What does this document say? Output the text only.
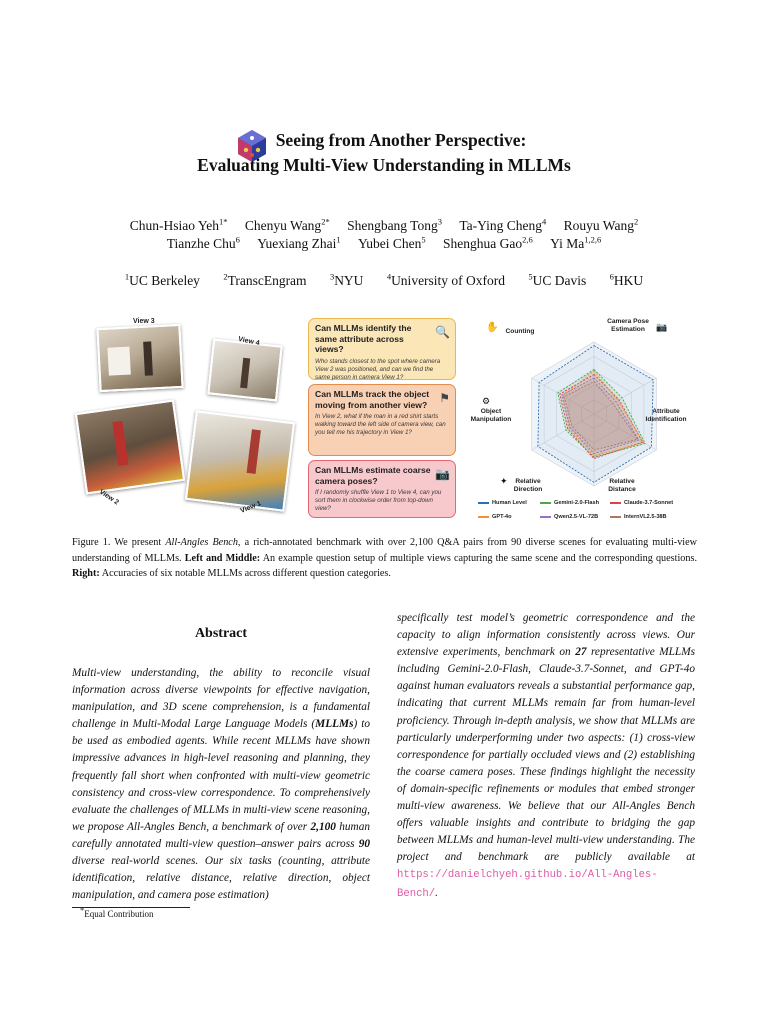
Seeing from Another Perspective:
Evaluating Multi-View Understanding in MLLMs
Chun-Hsiao Yeh$^{1*}$ Chenyu Wang$^{2*}$ Shengbang Tong$^3$ Ta-Ying Cheng$^4$ Rouyu Wang$^2$
Tianzhe Chu$^6$ Yuexiang Zhai$^1$ Yubei Chen$^5$ Shenghua Gao$^{2,6}$ Yi Ma$^{1,2,6}$
$^1$UC Berkeley	$^2$TranscEngram	$^3$NYU	$^4$University of Oxford	$^5$UC Davis	$^6$HKU
View 3
View 4
View 2
View 1
Can MLLMs identify the same attribute across views?
Who stands closest to the spot where camera View 2 was positioned, and can we find the same person in camera View 1?
🔍
Can MLLMs track the object moving from another view?
In View 2, what if the man in a red shirt starts walking toward the left side of camera view, can you tell me his trajectory in View 1?
⚑
Can MLLMs estimate coarse camera poses?
If I randomly shuffle View 1 to View 4, can you sort them in clockwise order from top-down view?
📷
Counting
✋
Camera Pose Estimation	📷
Attribute Identification
Relative Distance
Relative Direction
✦
Object Manipulation
⚙
Human Level	Gemini-2.0-Flash	Claude-3.7-Sonnet
GPT-4o	Qwen2.5-VL-72B	InternVL2.5-38B
Figure 1. We present All-Angles Bench, a rich-annotated benchmark with over 2,100 Q&A pairs from 90 diverse scenes for evaluating multi-view understanding of MLLMs. Left and Middle: An example question setup of multiple views capturing the same scene and the corresponding questions. Right: Accuracies of six notable MLLMs across different question categories.
Abstract
Multi-view understanding, the ability to reconcile visual information across diverse viewpoints for effective navigation, manipulation, and 3D scene comprehension, is a fundamental challenge in Multi-Modal Large Language Models (MLLMs) to be used as embodied agents. While recent MLLMs have shown impressive advances in high-level reasoning and planning, they frequently fall short when confronted with multi-view geometric consistency and cross-view correspondence. To comprehensively evaluate the challenges of MLLMs in multi-view scene reasoning, we propose All-Angles Bench, a benchmark of over 2,100 human carefully annotated multi-view question–answer pairs across 90 diverse real-world scenes. Our six tasks (counting, attribute identification, relative distance, relative direction, object manipulation, and camera pose estimation)
specifically test model’s geometric correspondence and the capacity to align information consistently across views. Our extensive experiments, benchmark on 27 representative MLLMs including Gemini-2.0-Flash, Claude-3.7-Sonnet, and GPT-4o against human evaluators reveals a substantial performance gap, indicating that current MLLMs remain far from human-level proficiency. Through in-depth analysis, we show that MLLMs are particularly underperforming under two aspects: (1) cross-view correspondence for partially occluded views and (2) establishing the coarse camera poses. These findings highlight the necessity of domain-specific refinements or modules that embed stronger multi-view awareness. We believe that our All-Angles Bench offers valuable insights and contribute to bridging the gap between MLLMs and human-level multi-view understanding. The project and benchmark are publicly available at https://danielchyeh.github.io/All-Angles-Bench/.
*Equal Contribution
